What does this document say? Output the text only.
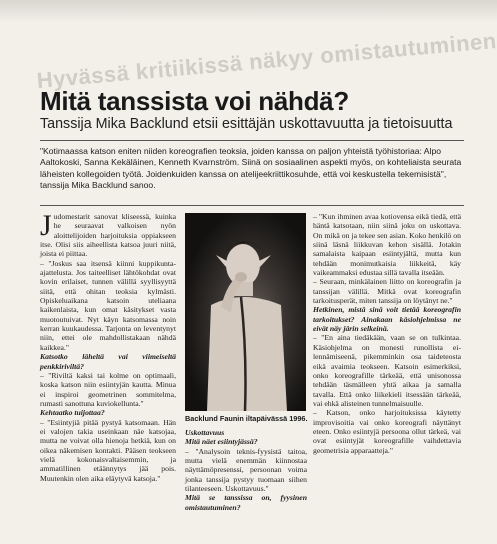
Hyvässä kritiikissä näkyy omistautuminen
Mitä tanssista voi nähdä?

Tanssija Mika Backlund etsii esittäjän uskottavuutta ja tietoisuutta

"Kotimaassa katson eniten niiden koreografien teoksia, joiden kanssa on paljon yhteistä työhistoriaa: Alpo Aaltokoski, Sanna Kekäläinen, Kenneth Kvarnström. Siinä on sosiaalinen aspekti myös, on kohteliaista seurata läheisten kollegoiden työtä. Joidenkuiden kanssa on atelijeekriittikosuhde, että voi keskustella tekemisistä", tanssija Mika Backlund sanoo.

Judomestarit sanovat kliseessä, kuinka he seuraavat valkoisen nyön aloittelijoiden harjoituksia oppiakseen itse. Olisi siis aiheellista katsoa juuri niitä, joista ei piittaa.

– "Joskus saa itsensä kiinni kuppikunta-ajattelusta. Jos taiteelliset lähtökohdat ovat kovin erilaiset, tunnen välillä syyllisyyttä siitä, että ohitan teoksia kylmästi. Opiskeluaikana katsoin uteliaana kaikenlaista, kun omat käsitykset vasta muotoutuivat. Nyt käyn katsomassa noin kerran kuukaudessa. Tarjonta on leventynyt niin, ettei ole mahdollistakaan nähdä kaikkea."

Katsotko läheltä vai viimeiseltä penkkiriviltä?

– "Riviltä kaksi tai kolme on optimaali, koska katson niin esiintyjän kautta. Minua ei inspiroi geometrinen sommitelma, rumasti sanottuna kuviokellunta."

Kehtaatko tuijottaa?

– "Esiintyjiä pitää pystyä katsomaan. Hän ei valojen takia useinkaan näe katsojaa, mutta ne voivat olla hienoja hetkiä, kun on oikea näkemisen kontakti. Pääsen teokseen vielä kokonaisvaltaisemmin, ja ammatillinen etäännytys jää pois. Muutenkin olen aika eläytyvä katsoja."

Backlund Faunin iltapäivässä 1996.

Uskottavuus

Mitä näet esiintyjässä?

– "Analysoin teknis-fyysistä taitoa, mutta vielä enemmän kiinnostaa näyttämöpresenssi, persoonan voima jonka tanssija pystyy tuomaan siihen tilanteeseen. Uskottavuus."

Mitä se tanssissa on, fyysinen omistautuminen?

– "Kun ihminen avaa kotiovensa eikä tiedä, että häntä katsotaan, niin siinä joku on uskottava. On mikä on ja tekee sen asian. Koko henkilö on siinä läsnä liikkuvan kehon sisällä. Jotakin samalaista kaipaan esiintyjältä, mutta kun tehdään monimutkaisia liikkeitä, käy vaikeammaksi edustaa sillä tavalla itseään.

– Seuraan, minkälainen liitto on koreografin ja tanssijan välillä. Mitkä ovat koreografin tarkoitusperät, miten tanssija on löytänyt ne."

Hetkinen, mistä sinä voit tietää koreografin tarkoitukset? Ainakaan käsiohjelmissa ne eivät näy järin selkeinä.

– "En aina tiedäkään, vaan se on tulkintaa. Käsiohjelma on monesti runollista ei-lennämiseenä, pikemminkin osa taideteosta eikä avaimia teokseen. Katsoin esimerkiksi, onko koreografille tärkeää, että unisonossa tehdään täsmälleen yhtä aikaa ja samalla tavalla. Että onko liikekieli itsessään tärkeää, vai ehkä alisteinen tunnelmaisuulle.

– Katson, onko harjoituksissa käytetty improvisoitia vai onko koreografi näyttänyt eteen. Onko esiintyjä persoona ollut tärkeä, vai ovat esiintyjät koreografille vaihdettavia geometrisia apparaatteja."
